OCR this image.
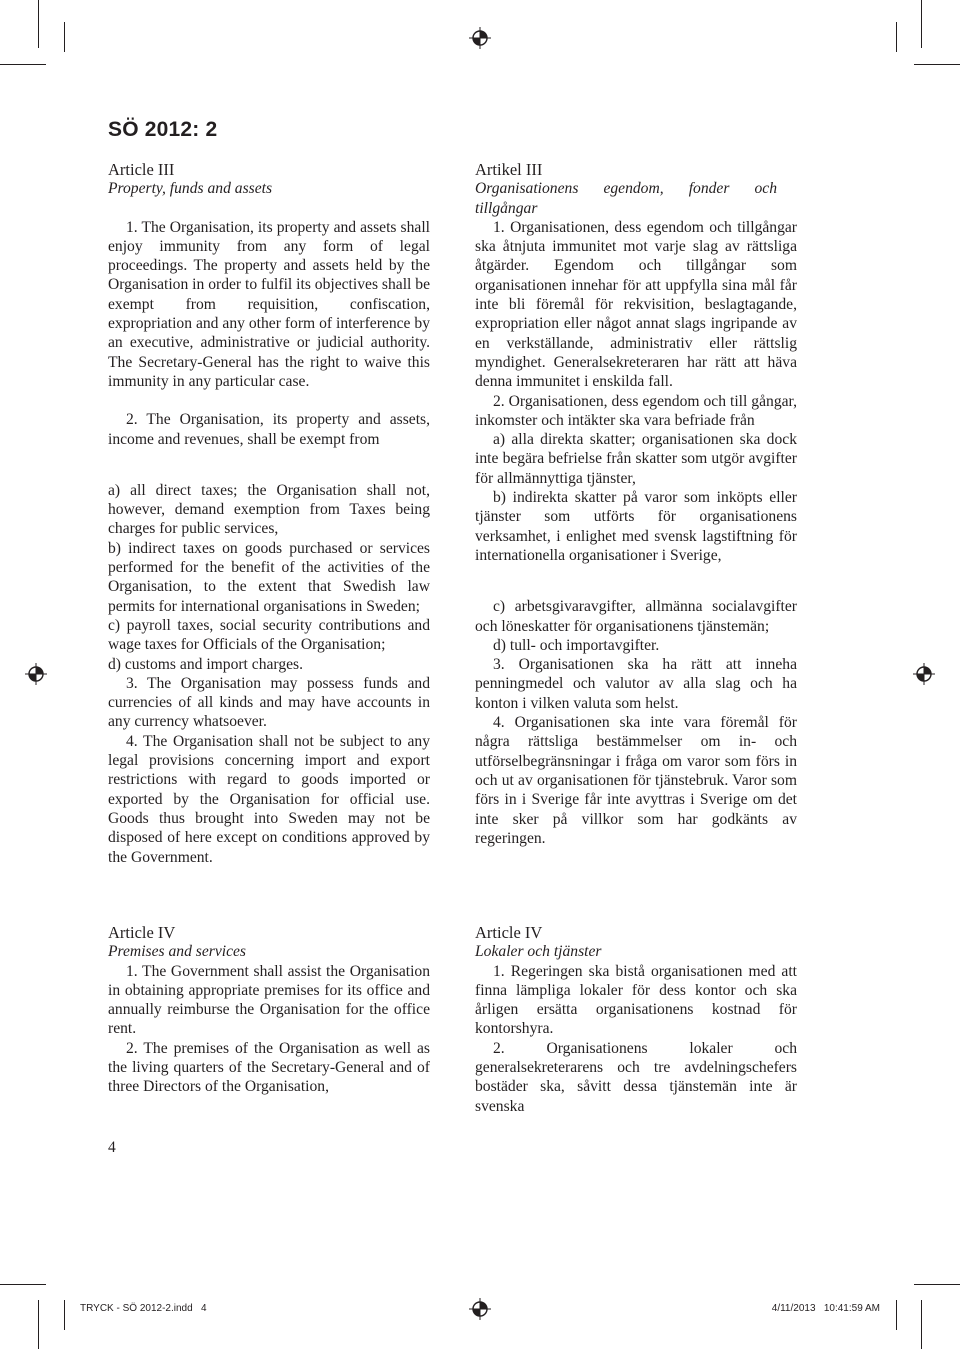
SÖ 2012: 2

Article III

Property, funds and assets

1. The Organisation, its property and assets shall enjoy immunity from any form of legal proceedings. The property and assets held by the Organisation in order to fulfil its objectives shall be exempt from requisition, confiscation, expropriation and any other form of interference by an executive, administrative or judicial authority. The Secretary-General has the right to waive this immunity in any particular case.

2. The Organisation, its property and assets, income and revenues, shall be exempt from

a) all direct taxes; the Organisation shall not, however, demand exemption from Taxes being charges for public services,

b) indirect taxes on goods purchased or services performed for the benefit of the activities of the Organisation, to the extent that Swedish law permits for international organisations in Sweden;

c) payroll taxes, social security contributions and wage taxes for Officials of the Organisation;

d) customs and import charges.

3. The Organisation may possess funds and currencies of all kinds and may have accounts in any currency whatsoever.

4. The Organisation shall not be subject to any legal provisions concerning import and export restrictions with regard to goods imported or exported by the Organisation for official use. Goods thus brought into Sweden may not be disposed of here except on conditions approved by the Government.

Article IV

Premises and services

1. The Government shall assist the Organisation in obtaining appropriate premises for its office and annually reimburse the Organisation for the office rent.

2. The premises of the Organisation as well as the living quarters of the Secretary-General and of three Directors of the Organisation,

Artikel III

Organisationens egendom, fonder och tillgångar

1. Organisationen, dess egendom och tillgångar ska åtnjuta immunitet mot varje slag av rättsliga åtgärder. Egendom och tillgångar som organisationen innehar för att uppfylla sina mål får inte bli föremål för rekvisition, beslagtagande, expropriation eller något annat slags ingripande av en verkställande, administrativ eller rättslig myndighet. Generalsekreteraren har rätt att häva denna immunitet i enskilda fall.

2. Organisationen, dess egendom och till gångar, inkomster och intäkter ska vara befriade från

a) alla direkta skatter; organisationen ska dock inte begära befrielse från skatter som utgör avgifter för allmännyttiga tjänster,

b) indirekta skatter på varor som inköpts eller tjänster som utförts för organisationens verksamhet, i enlighet med svensk lagstiftning för internationella organisationer i Sverige,

c) arbetsgivaravgifter, allmänna socialavgifter och löneskatter för organisationens tjänstemän;

d) tull- och importavgifter.

3. Organisationen ska ha rätt att inneha penningmedel och valutor av alla slag och ha konton i vilken valuta som helst.

4. Organisationen ska inte vara föremål för några rättsliga bestämmelser om in- och utförselbegränsningar i fråga om varor som förs in och ut av organisationen för tjänstebruk. Varor som förs in i Sverige får inte avyttras i Sverige om det inte sker på villkor som har godkänts av regeringen.

Article IV

Lokaler och tjänster

1. Regeringen ska bistå organisationen med att finna lämpliga lokaler för dess kontor och ska årligen ersätta organisationens kostnad för kontorshyra.

2. Organisationens lokaler och generalsekreterarens och tre avdelningschefers bostäder ska, såvitt dessa tjänstemän inte är svenska

4
TRYCK - SÖ 2012-2.indd   4	4/11/2013   10:41:59 AM
